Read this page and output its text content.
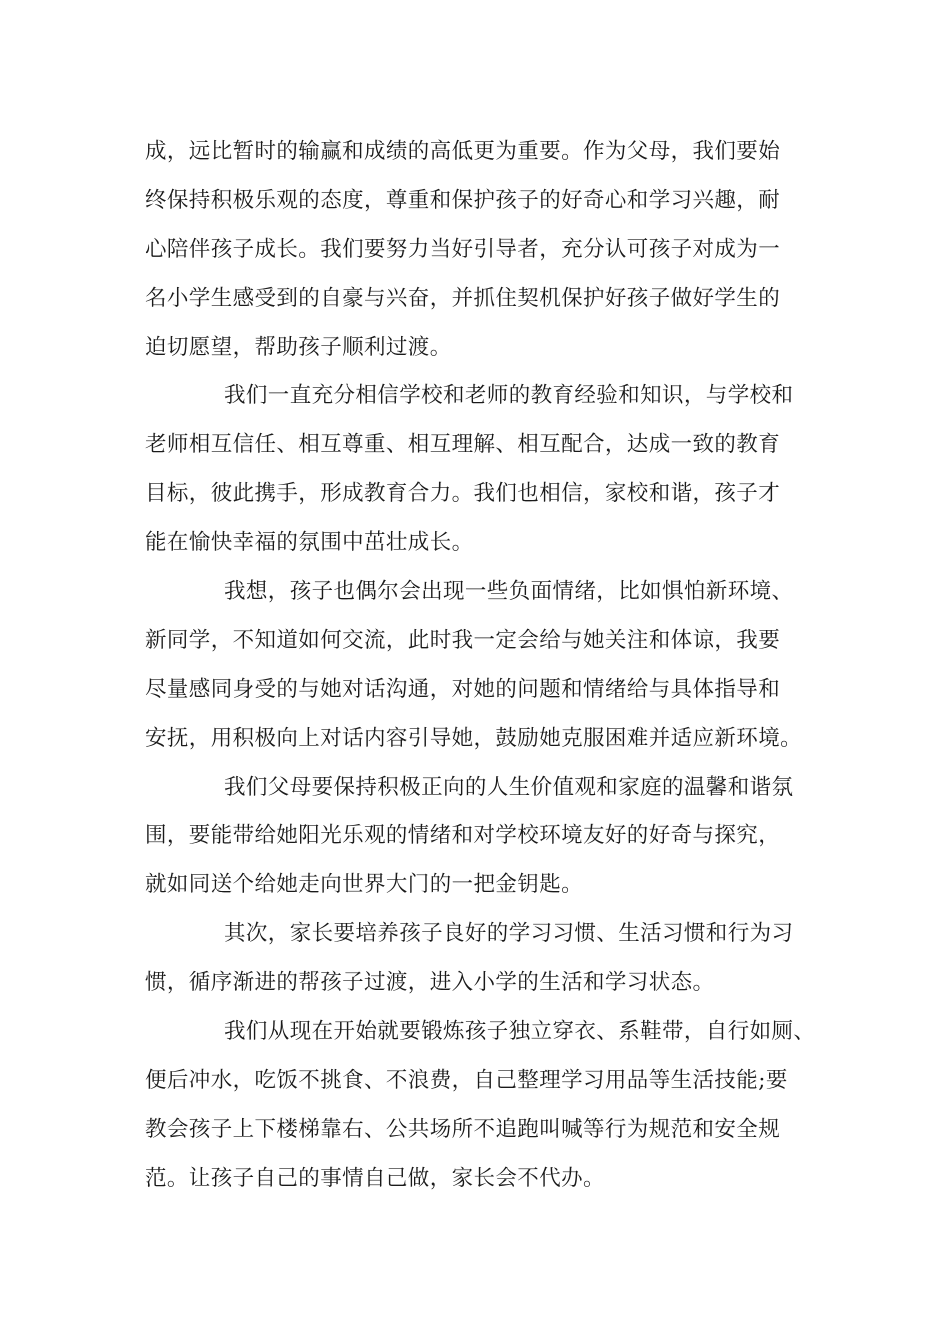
成，远比暂时的输赢和成绩的高低更为重要。作为父母，我们要始
终保持积极乐观的态度，尊重和保护孩子的好奇心和学习兴趣，耐
心陪伴孩子成长。我们要努力当好引导者，充分认可孩子对成为一
名小学生感受到的自豪与兴奋，并抓住契机保护好孩子做好学生的
迫切愿望，帮助孩子顺利过渡。
我们一直充分相信学校和老师的教育经验和知识，与学校和
老师相互信任、相互尊重、相互理解、相互配合，达成一致的教育
目标，彼此携手，形成教育合力。我们也相信，家校和谐，孩子才
能在愉快幸福的氛围中茁壮成长。
我想，孩子也偶尔会出现一些负面情绪，比如惧怕新环境、
新同学，不知道如何交流，此时我一定会给与她关注和体谅，我要
尽量感同身受的与她对话沟通，对她的问题和情绪给与具体指导和
安抚，用积极向上对话内容引导她，鼓励她克服困难并适应新环境。
我们父母要保持积极正向的人生价值观和家庭的温馨和谐氛
围，要能带给她阳光乐观的情绪和对学校环境友好的好奇与探究，
就如同送个给她走向世界大门的一把金钥匙。
其次，家长要培养孩子良好的学习习惯、生活习惯和行为习
惯，循序渐进的帮孩子过渡，进入小学的生活和学习状态。
我们从现在开始就要锻炼孩子独立穿衣、系鞋带，自行如厕、
便后冲水，吃饭不挑食、不浪费，自己整理学习用品等生活技能;要
教会孩子上下楼梯靠右、公共场所不追跑叫喊等行为规范和安全规
范。让孩子自己的事情自己做，家长会不代办。
